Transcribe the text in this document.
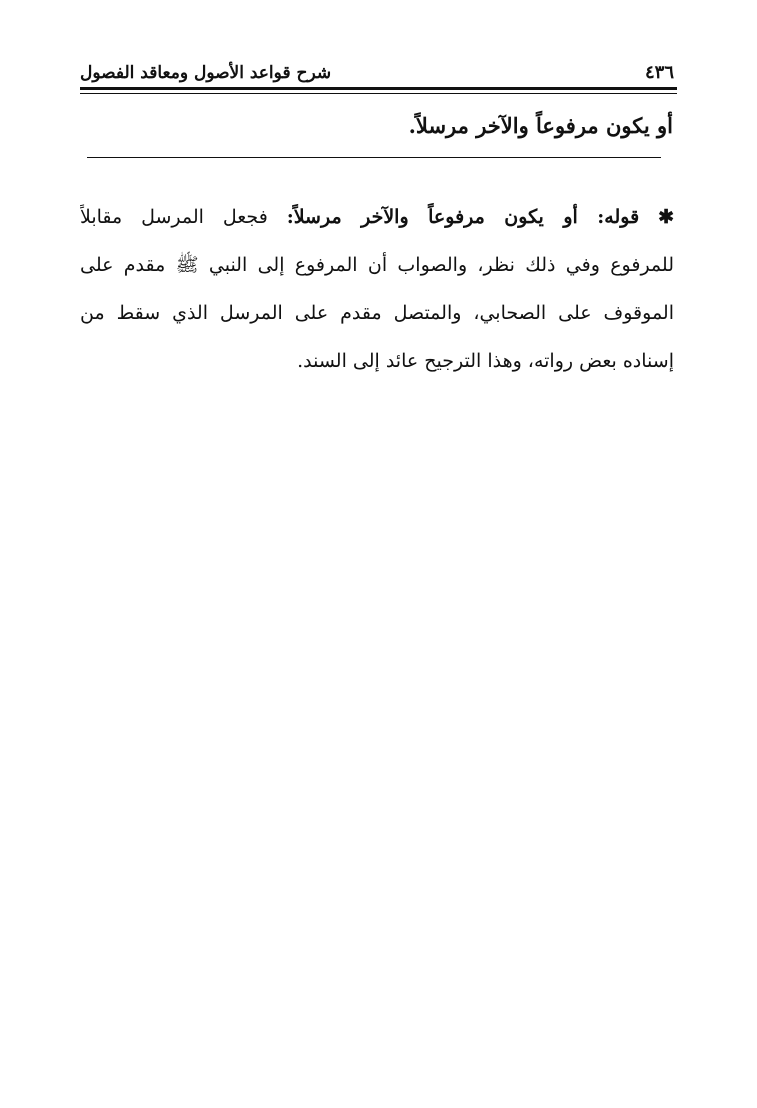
٤٣٦
شرح قواعد الأصول ومعاقد الفصول
أو يكون مرفوعاً والآخر مرسلاً.
✱ قوله: أو يكون مرفوعاً والآخر مرسلاً: فجعل المرسل مقابلاً
للمرفوع وفي ذلك نظر، والصواب أن المرفوع إلى النبي ﷺ مقدم على
الموقوف على الصحابي، والمتصل مقدم على المرسل الذي سقط من
إسناده بعض رواته، وهذا الترجيح عائد إلى السند.
